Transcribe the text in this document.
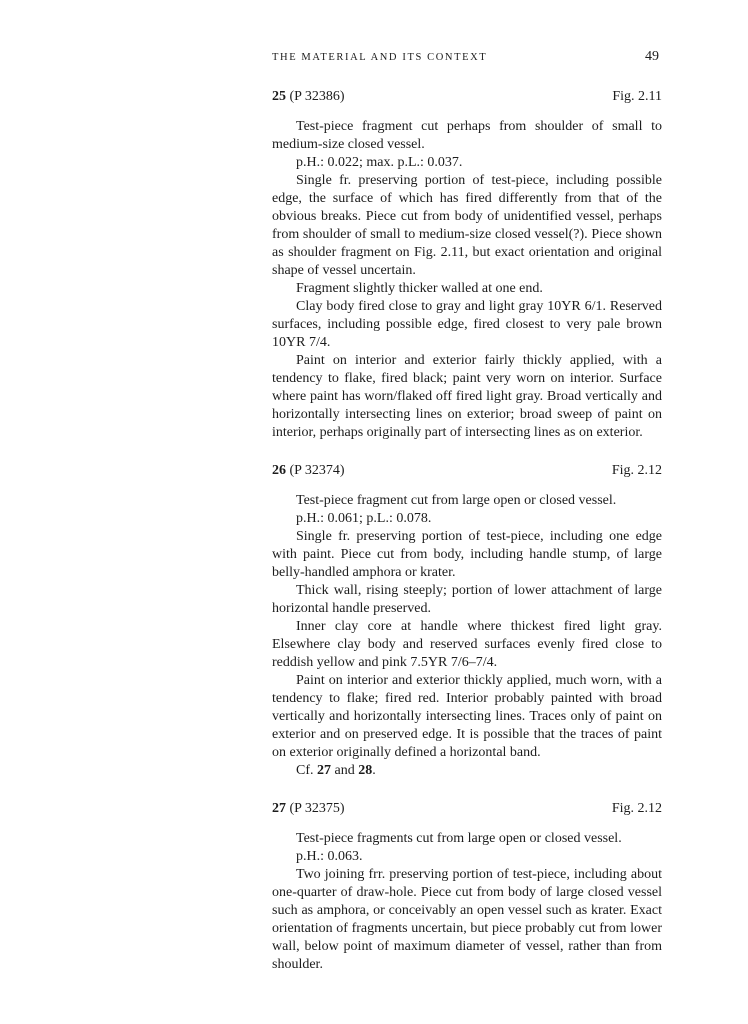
THE MATERIAL AND ITS CONTEXT	49
25 (P 32386)	Fig. 2.11

Test-piece fragment cut perhaps from shoulder of small to medium-size closed vessel.

p.H.: 0.022; max. p.L.: 0.037.

Single fr. preserving portion of test-piece, including possible edge, the surface of which has fired differently from that of the obvious breaks. Piece cut from body of unidentified vessel, perhaps from shoulder of small to medium-size closed vessel(?). Piece shown as shoulder fragment on Fig. 2.11, but exact orientation and original shape of vessel uncertain.

Fragment slightly thicker walled at one end.

Clay body fired close to gray and light gray 10YR 6/1. Reserved surfaces, including possible edge, fired closest to very pale brown 10YR 7/4.

Paint on interior and exterior fairly thickly applied, with a tendency to flake, fired black; paint very worn on interior. Surface where paint has worn/flaked off fired light gray. Broad vertically and horizontally intersecting lines on exterior; broad sweep of paint on interior, perhaps originally part of intersecting lines as on exterior.

26 (P 32374)	Fig. 2.12

Test-piece fragment cut from large open or closed vessel.

p.H.: 0.061; p.L.: 0.078.

Single fr. preserving portion of test-piece, including one edge with paint. Piece cut from body, including handle stump, of large belly-handled amphora or krater.

Thick wall, rising steeply; portion of lower attachment of large horizontal handle preserved.

Inner clay core at handle where thickest fired light gray. Elsewhere clay body and reserved surfaces evenly fired close to reddish yellow and pink 7.5YR 7/6–7/4.

Paint on interior and exterior thickly applied, much worn, with a tendency to flake; fired red. Interior probably painted with broad vertically and horizontally intersecting lines. Traces only of paint on exterior and on preserved edge. It is possible that the traces of paint on exterior originally defined a horizontal band.

Cf. 27 and 28.

27 (P 32375)	Fig. 2.12

Test-piece fragments cut from large open or closed vessel.

p.H.: 0.063.

Two joining frr. preserving portion of test-piece, including about one-quarter of draw-hole. Piece cut from body of large closed vessel such as amphora, or conceivably an open vessel such as krater. Exact orientation of fragments uncertain, but piece probably cut from lower wall, below point of maximum diameter of vessel, rather than from shoulder.
